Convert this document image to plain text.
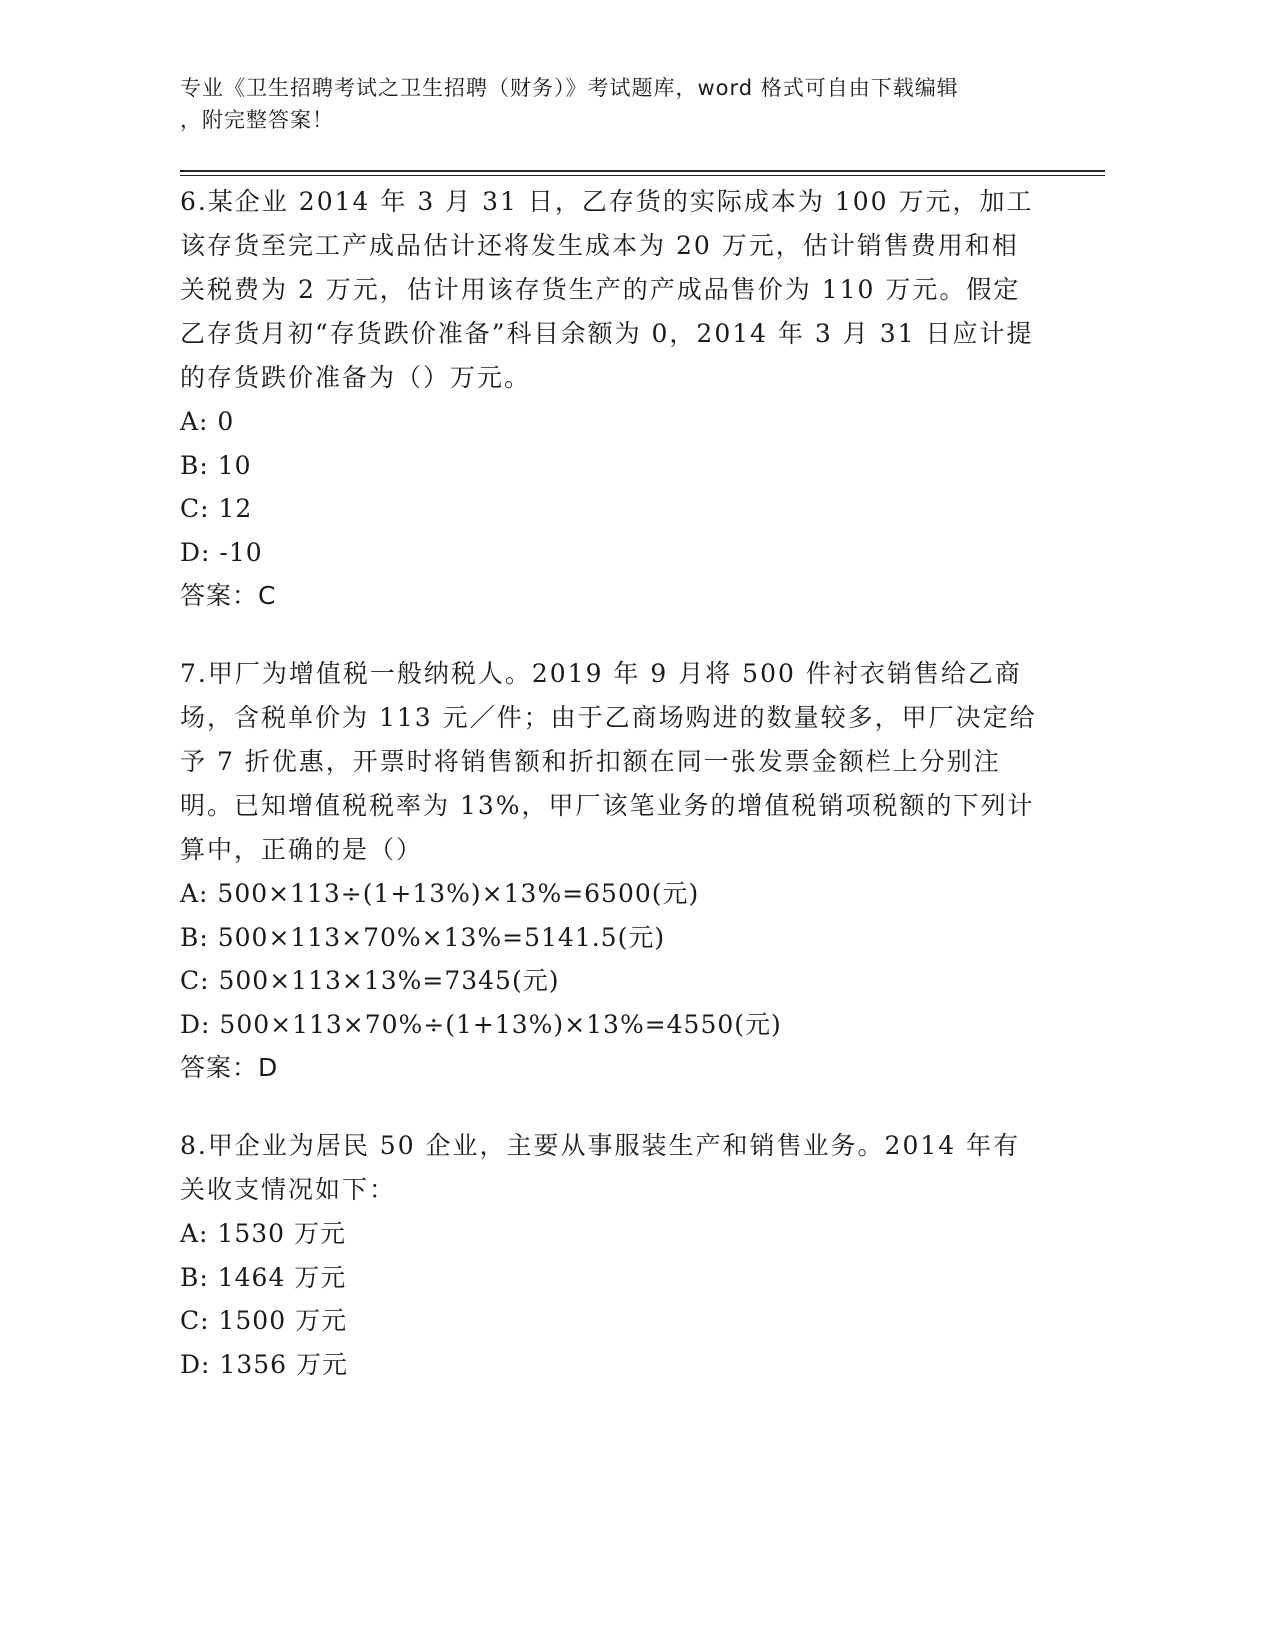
专业《卫生招聘考试之卫生招聘（财务）》考试题库，word 格式可自由下载编辑

，附完整答案！

6.某企业 2014 年 3 月 31 日，乙存货的实际成本为 100 万元，加工该存货至完工产成品估计还将发生成本为 20 万元，估计销售费用和相关税费为 2 万元，估计用该存货生产的产成品售价为 110 万元。假定乙存货月初“存货跌价准备”科目余额为 0，2014 年 3 月 31 日应计提的存货跌价准备为（）万元。

A: 0

B: 10

C: 12

D: -10

答案：C

7.甲厂为增值税一般纳税人。2019 年 9 月将 500 件衬衣销售给乙商场，含税单价为 113 元／件；由于乙商场购进的数量较多，甲厂决定给予 7 折优惠，开票时将销售额和折扣额在同一张发票金额栏上分别注明。已知增值税税率为 13%，甲厂该笔业务的增值税销项税额的下列计算中，正确的是（）

A: 500×113÷(1+13%)×13%=6500(元)

B: 500×113×70%×13%=5141.5(元)

C: 500×113×13%=7345(元)

D: 500×113×70%÷(1+13%)×13%=4550(元)

答案：D

8.甲企业为居民 50 企业，主要从事服装生产和销售业务。2014 年有关收支情况如下：

A: 1530 万元

B: 1464 万元

C: 1500 万元

D: 1356 万元
